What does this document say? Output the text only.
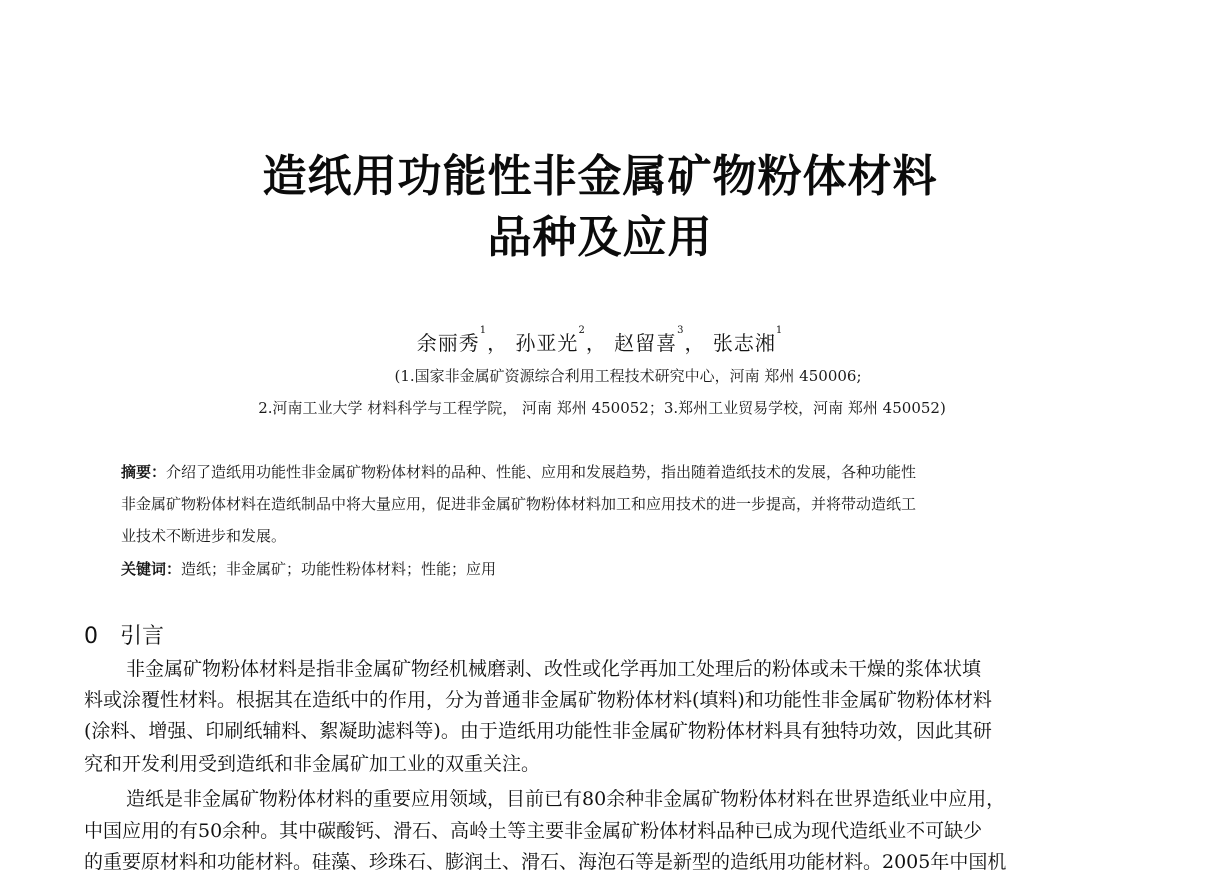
造纸用功能性非金属矿物粉体材料
品种及应用
余丽秀$^1$， 孙亚光$^2$， 赵留喜$^3$， 张志湘$^1$
(1.国家非金属矿资源综合利用工程技术研究中心，河南 郑州 450006;
2.河南工业大学 材料科学与工程学院， 河南 郑州 450052；3.郑州工业贸易学校，河南 郑州 450052)
摘要：介绍了造纸用功能性非金属矿物粉体材料的品种、性能、应用和发展趋势，指出随着造纸技术的发展，各种功能性
非金属矿物粉体材料在造纸制品中将大量应用，促进非金属矿物粉体材料加工和应用技术的进一步提高，并将带动造纸工
业技术不断进步和发展。
关键词：造纸；非金属矿；功能性粉体材料；性能；应用
0 引言
非金属矿物粉体材料是指非金属矿物经机械磨剥、改性或化学再加工处理后的粉体或未干燥的浆体状填
料或涂覆性材料。根据其在造纸中的作用，分为普通非金属矿物粉体材料(填料)和功能性非金属矿物粉体材料
(涂料、增强、印刷纸辅料、絮凝助滤料等)。由于造纸用功能性非金属矿物粉体材料具有独特功效，因此其研
究和开发利用受到造纸和非金属矿加工业的双重关注。
造纸是非金属矿物粉体材料的重要应用领域，目前已有80余种非金属矿物粉体材料在世界造纸业中应用，
中国应用的有50余种。其中碳酸钙、滑石、高岭土等主要非金属矿粉体材料品种已成为现代造纸业不可缺少
的重要原材料和功能材料。硅藻、珍珠石、膨润土、滑石、海泡石等是新型的造纸用功能材料。2005年中国机
